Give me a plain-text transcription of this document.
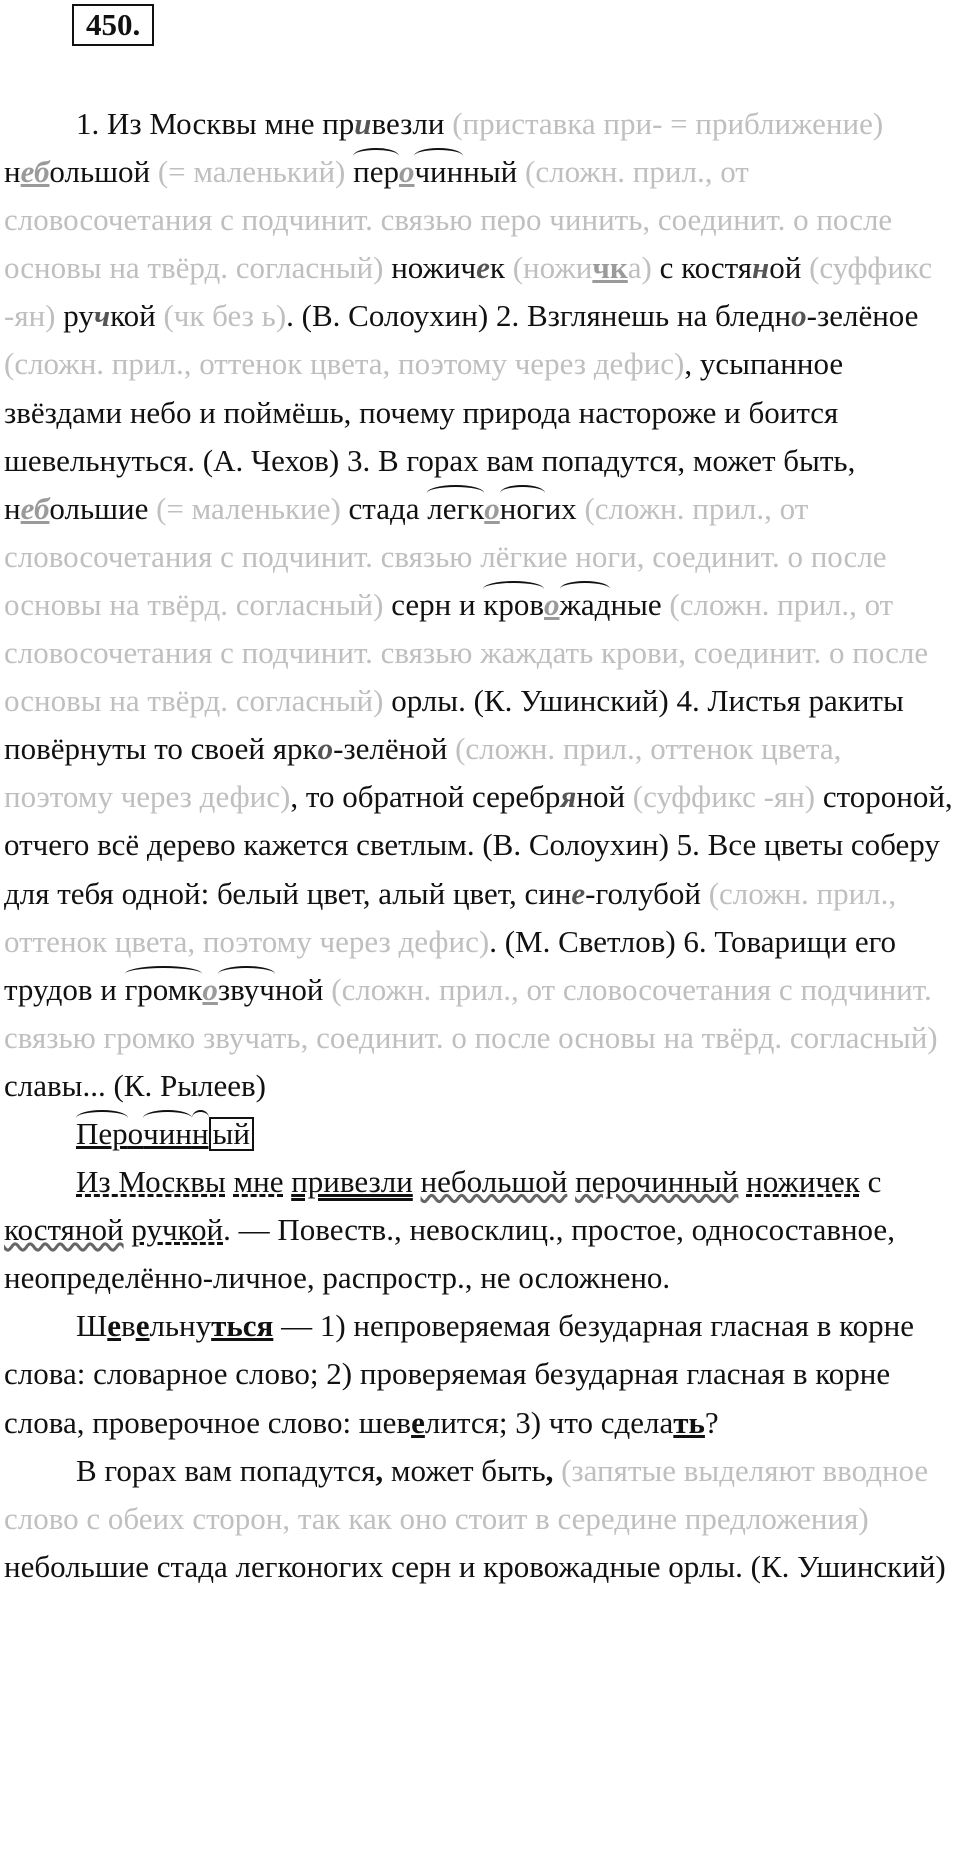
450.

1. Из Москвы мне привезли (приставка при- = приближение) небольшой (= маленький) перочинный (сложн. прил., от словосочетания с подчинит. связью перо чинить, соединит. о после основы на твёрд. согласный) ножичек (ножичка) с костяной (суффикс -ян) ручкой (чк без ь). (В. Солоухин) 2. Взглянешь на бледно-зелёное (сложн. прил., оттенок цвета, поэтому через дефис), усыпанное звёздами небо и поймёшь, почему природа настороже и боится шевельнуться. (А. Чехов) 3. В горах вам попадутся, может быть, небольшие (= маленькие) стада легконогих (сложн. прил., от словосочетания с подчинит. связью лёгкие ноги, соединит. о после основы на твёрд. согласный) серн и кровожадные (сложн. прил., от словосочетания с подчинит. связью жаждать крови, соединит. о после основы на твёрд. согласный) орлы. (К. Ушинский) 4. Листья ракиты повёрнуты то своей ярко-зелёной (сложн. прил., оттенок цвета, поэтому через дефис), то обратной серебряной (суффикс -ян) стороной, отчего всё дерево кажется светлым. (В. Солоухин) 5. Все цветы соберу для тебя одной: белый цвет, алый цвет, сине-голубой (сложн. прил., оттенок цвета, поэтому через дефис). (М. Светлов) 6. Товарищи его трудов и громкозвучной (сложн. прил., от словосочетания с подчинит. связью громко звучать, соединит. о после основы на твёрд. согласный) славы... (К. Рылеев)

Перочинн ый

Из Москвы мне привезли небольшой перочинный ножичек с костяной ручкой. — Повеств., невосклиц., простое, односоставное, неопределённо-личное, распростр., не осложнено.

Шевельнуться — 1) непроверяемая безударная гласная в корне слова: словарное слово; 2) проверяемая безударная гласная в корне слова, проверочное слово: шевелится; 3) что сделать?

В горах вам попадутся, может быть, (запятые выделяют вводное слово с обеих сторон, так как оно стоит в середине предложения) небольшие стада легконогих серн и кровожадные орлы. (К. Ушинский)
